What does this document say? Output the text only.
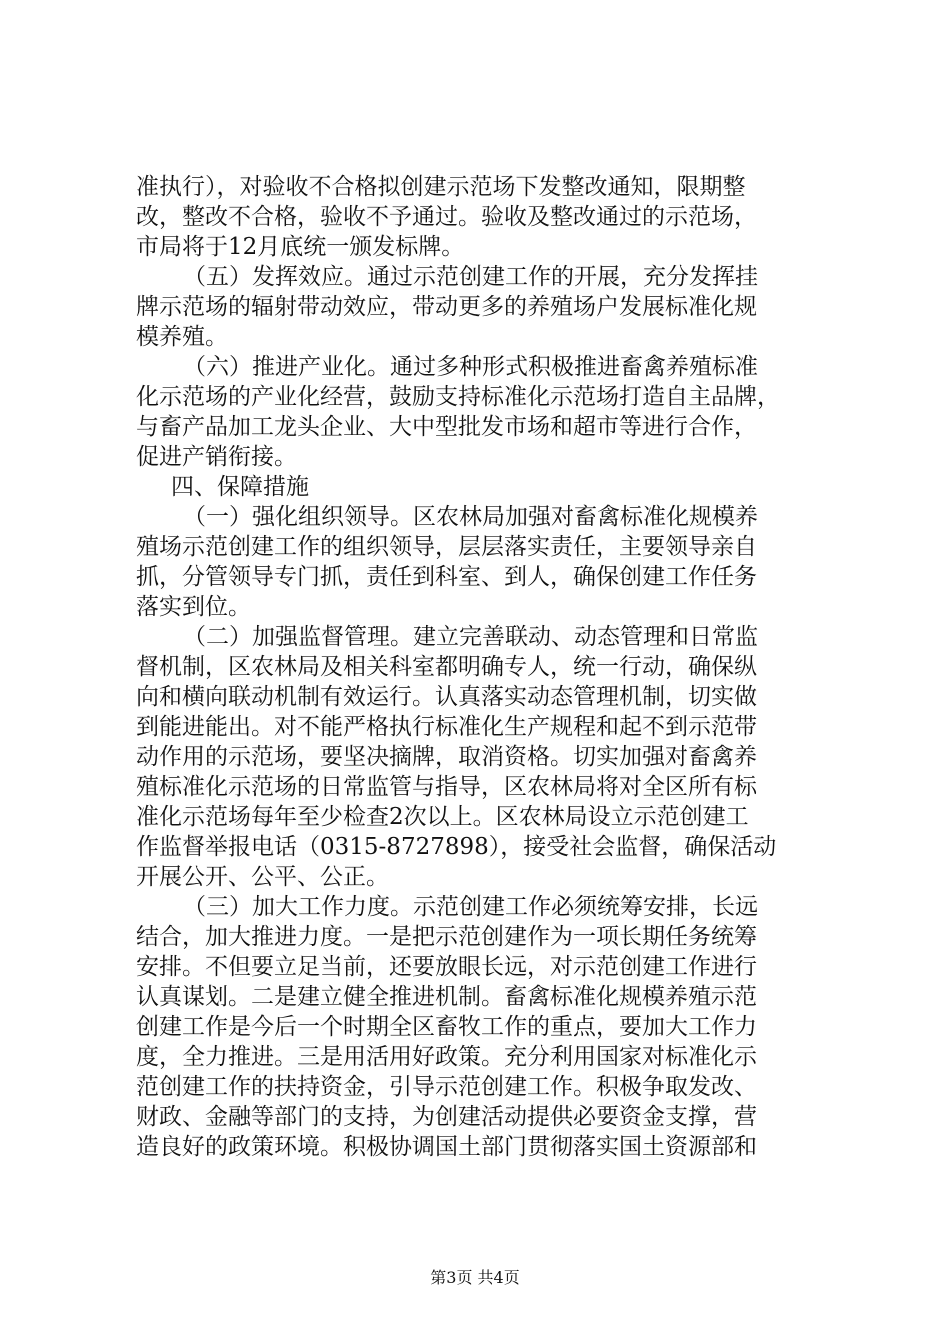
准执行），对验收不合格拟创建示范场下发整改通知，限期整
改，整改不合格，验收不予通过。验收及整改通过的示范场，
市局将于12月底统一颁发标牌。
（五）发挥效应。通过示范创建工作的开展，充分发挥挂
牌示范场的辐射带动效应，带动更多的养殖场户发展标准化规
模养殖。
（六）推进产业化。通过多种形式积极推进畜禽养殖标准
化示范场的产业化经营，鼓励支持标准化示范场打造自主品牌，
与畜产品加工龙头企业、大中型批发市场和超市等进行合作，
促进产销衔接。
四、保障措施
（一）强化组织领导。区农林局加强对畜禽标准化规模养
殖场示范创建工作的组织领导，层层落实责任，主要领导亲自
抓，分管领导专门抓，责任到科室、到人，确保创建工作任务
落实到位。
（二）加强监督管理。建立完善联动、动态管理和日常监
督机制，区农林局及相关科室都明确专人，统一行动，确保纵
向和横向联动机制有效运行。认真落实动态管理机制，切实做
到能进能出。对不能严格执行标准化生产规程和起不到示范带
动作用的示范场，要坚决摘牌，取消资格。切实加强对畜禽养
殖标准化示范场的日常监管与指导，区农林局将对全区所有标
准化示范场每年至少检查2次以上。区农林局设立示范创建工
作监督举报电话（0315-8727898），接受社会监督，确保活动
开展公开、公平、公正。
（三）加大工作力度。示范创建工作必须统筹安排，长远
结合，加大推进力度。一是把示范创建作为一项长期任务统筹
安排。不但要立足当前，还要放眼长远，对示范创建工作进行
认真谋划。二是建立健全推进机制。畜禽标准化规模养殖示范
创建工作是今后一个时期全区畜牧工作的重点，要加大工作力
度，全力推进。三是用活用好政策。充分利用国家对标准化示
范创建工作的扶持资金，引导示范创建工作。积极争取发改、
财政、金融等部门的支持，为创建活动提供必要资金支撑，营
造良好的政策环境。积极协调国土部门贯彻落实国土资源部和
第3页 共4页
